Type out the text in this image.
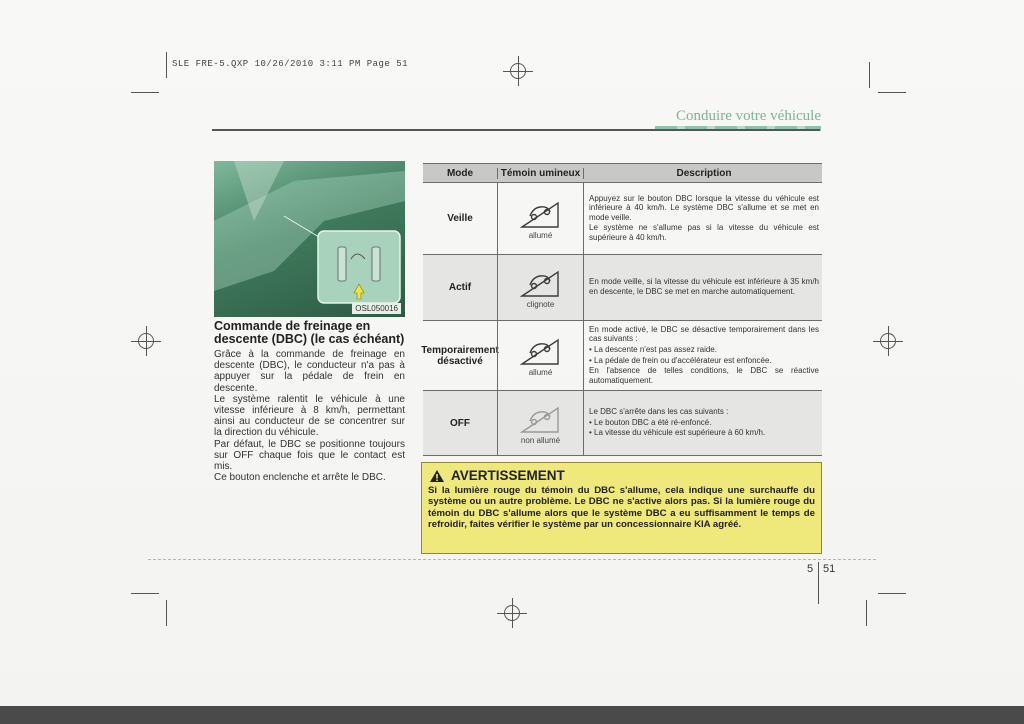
SLE FRE-5.QXP 10/26/2010 3:11 PM Page 51
Conduire votre véhicule
OSL050016
Commande de freinage en descente (DBC) (le cas échéant)

Grâce à la commande de freinage en descente (DBC), le conducteur n'a pas à appuyer sur la pédale de frein en descente.

Le système ralentit le véhicule à une vitesse inférieure à 8 km/h, permettant ainsi au conducteur de se concentrer sur la direction du véhicule.

Par défaut, le DBC se positionne toujours sur OFF chaque fois que le contact est mis.

Ce bouton enclenche et arrête le DBC.

Mode	Témoin umineux	Description
Veille
allumé

Appuyez sur le bouton DBC lorsque la vitesse du véhicule est inférieure à 40 km/h. Le système DBC s'allume et se met en mode veille.

Le système ne s'allume pas si la vitesse du véhicule est supérieure à 40 km/h.

Actif
clignote

En mode veille, si la vitesse du véhicule est inférieure à 35 km/h en descente, le DBC se met en marche automatiquement.

Temporairement désactivé
allumé

En mode activé, le DBC se désactive temporairement dans les cas suivants :

• La descente n'est pas assez raide.

• La pédale de frein ou d'accélérateur est enfoncée.

En l'absence de telles conditions, le DBC se réactive automatiquement.

OFF
non allumé

Le DBC s'arrête dans les cas suivants :

• Le bouton DBC a été ré-enfoncé.

• La vitesse du véhicule est supérieure à 60 km/h.

AVERTISSEMENT
Si la lumière rouge du témoin du DBC s'allume, cela indique une surchauffe du système ou un autre problème. Le DBC ne s'active alors pas. Si la lumière rouge du témoin du DBC s'allume alors que le système DBC a eu suffisamment le temps de refroidir, faites vérifier le système par un concessionnaire KIA agréé.
5 51
